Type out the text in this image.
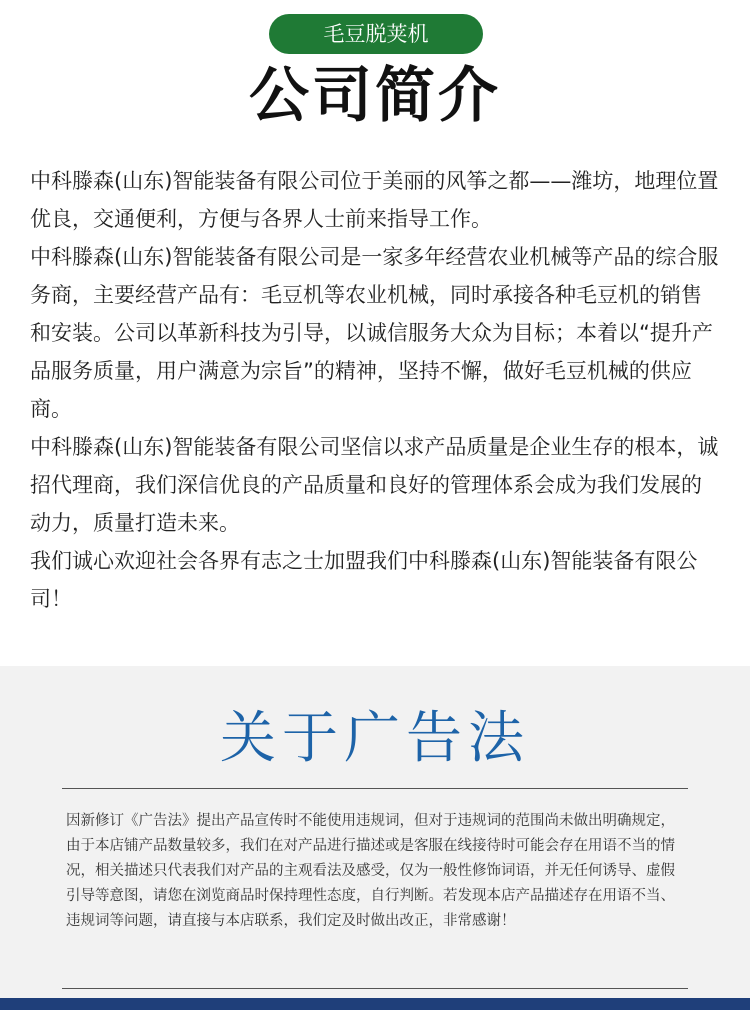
毛豆脱荚机
公司简介

中科滕森(山东)智能装备有限公司位于美丽的风筝之都——潍坊，地理位置优良，交通便利，方便与各界人士前来指导工作。

中科滕森(山东)智能装备有限公司是一家多年经营农业机械等产品的综合服务商，主要经营产品有：毛豆机等农业机械，同时承接各种毛豆机的销售和安装。公司以革新科技为引导，以诚信服务大众为目标；本着以“提升产品服务质量，用户满意为宗旨”的精神，坚持不懈，做好毛豆机械的供应商。

中科滕森(山东)智能装备有限公司坚信以求产品质量是企业生存的根本，诚招代理商，我们深信优良的产品质量和良好的管理体系会成为我们发展的动力，质量打造未来。

我们诚心欢迎社会各界有志之士加盟我们中科滕森(山东)智能装备有限公司！

关于广告法
因新修订《广告法》提出产品宣传时不能使用违规词，但对于违规词的范围尚未做出明确规定，由于本店铺产品数量较多，我们在对产品进行描述或是客服在线接待时可能会存在用语不当的情况，相关描述只代表我们对产品的主观看法及感受，仅为一般性修饰词语，并无任何诱导、虚假引导等意图，请您在浏览商品时保持理性态度，自行判断。若发现本店产品描述存在用语不当、违规词等问题，请直接与本店联系，我们定及时做出改正，非常感谢！
